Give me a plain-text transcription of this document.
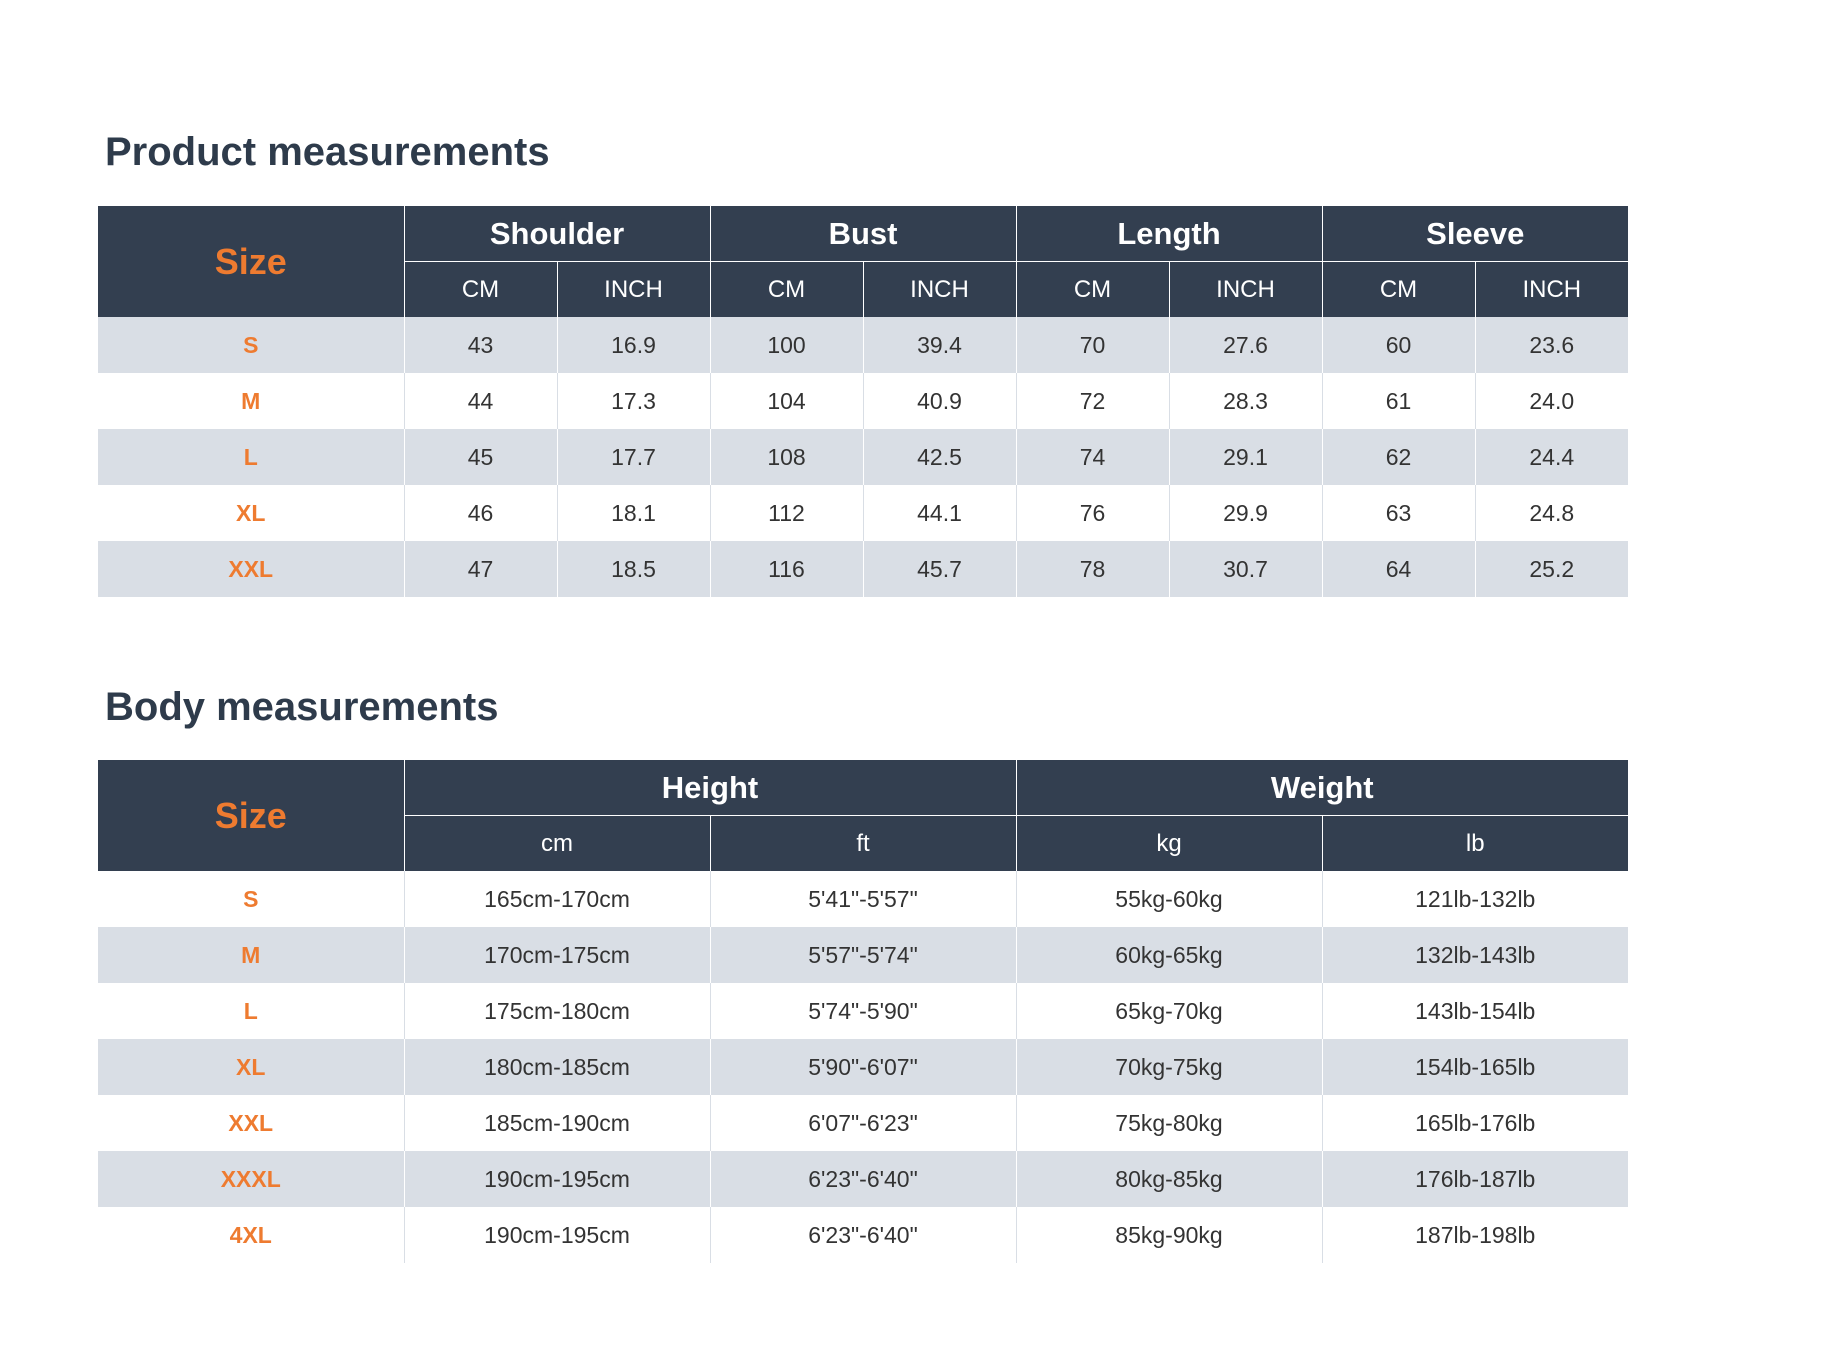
Product measurements
Size	Shoulder		Bust		Length		Sleeve	
	CM	INCH	CM	INCH	CM	INCH	CM	INCH
S	43	16.9	100	39.4	70	27.6	60	23.6
M	44	17.3	104	40.9	72	28.3	61	24.0
L	45	17.7	108	42.5	74	29.1	62	24.4
XL	46	18.1	112	44.1	76	29.9	63	24.8
XXL	47	18.5	116	45.7	78	30.7	64	25.2
Body measurements
Size	Height		Weight	
	cm	ft	kg	lb
S	165cm-170cm	5'41"-5'57"	55kg-60kg	121lb-132lb
M	170cm-175cm	5'57"-5'74"	60kg-65kg	132lb-143lb
L	175cm-180cm	5'74"-5'90"	65kg-70kg	143lb-154lb
XL	180cm-185cm	5'90"-6'07"	70kg-75kg	154lb-165lb
XXL	185cm-190cm	6'07"-6'23"	75kg-80kg	165lb-176lb
XXXL	190cm-195cm	6'23"-6'40"	80kg-85kg	176lb-187lb
4XL	190cm-195cm	6'23"-6'40"	85kg-90kg	187lb-198lb
